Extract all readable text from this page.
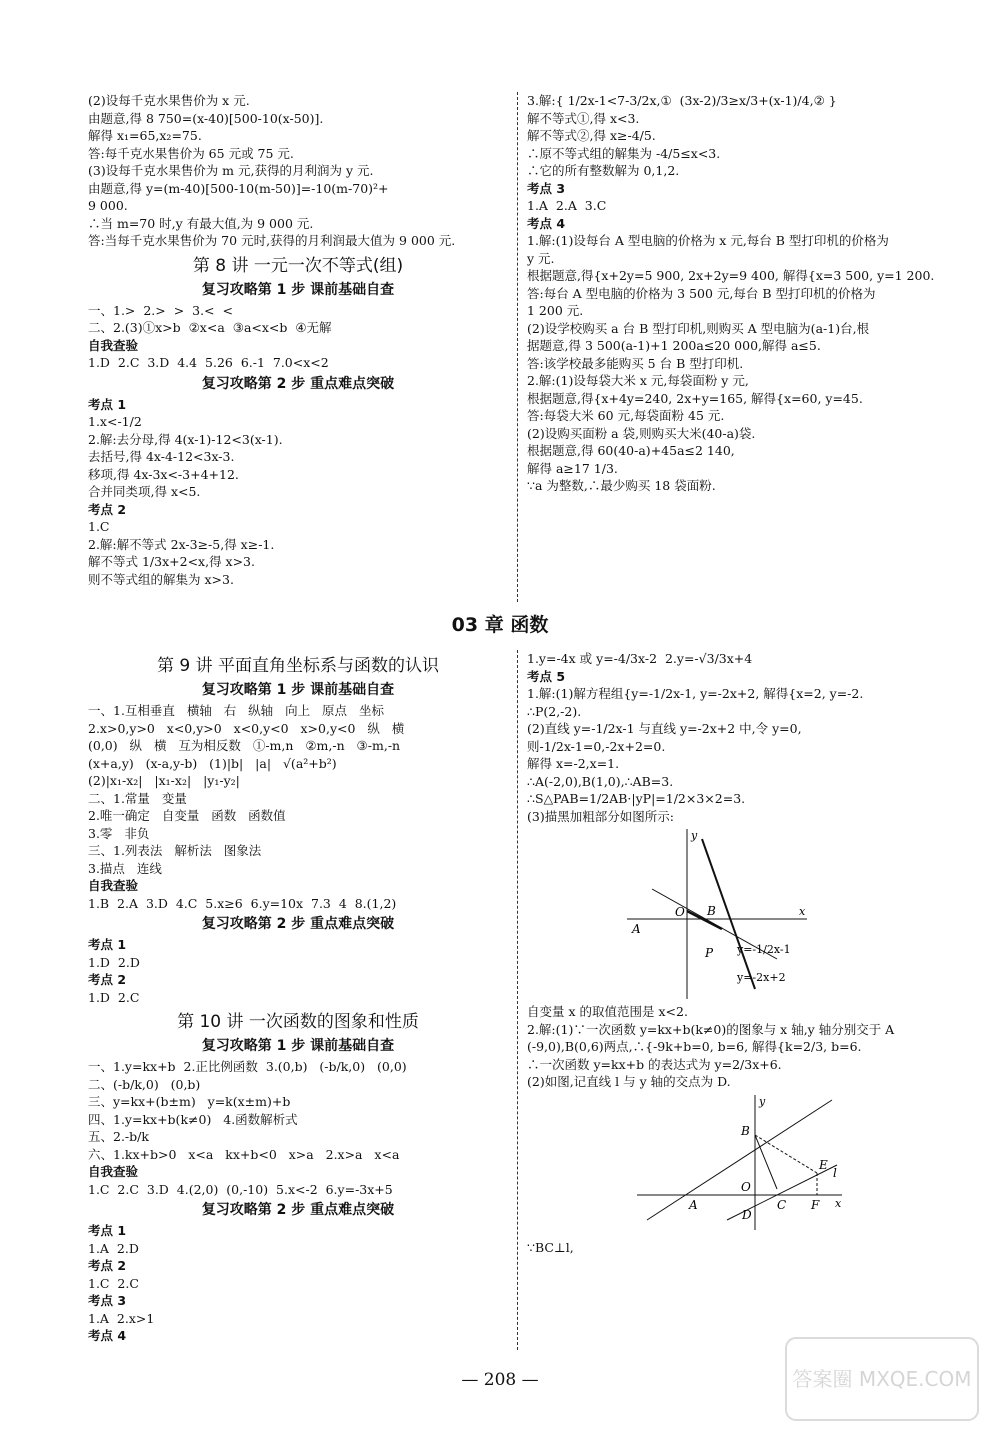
(2)设每千克水果售价为 x 元.
由题意,得 8 750=(x-40)[500-10(x-50)].
解得 x₁=65,x₂=75.
答:每千克水果售价为 65 元或 75 元.
(3)设每千克水果售价为 m 元,获得的月利润为 y 元.
由题意,得 y=(m-40)[500-10(m-50)]=-10(m-70)²+
9 000.
∴当 m=70 时,y 有最大值,为 9 000 元.
答:当每千克水果售价为 70 元时,获得的月利润最大值为 9 000 元.
第 8 讲 一元一次不等式(组)
复习攻略第 1 步 课前基础自查
一、1.>  2.>  >  3.<  <
二、2.(3)①x>b  ②x<a  ③a<x<b  ④无解
自我查验
1.D  2.C  3.D  4.4  5.26  6.-1  7.0<x<2
复习攻略第 2 步 重点难点突破
考点 1
1.x<-1/2
2.解:去分母,得 4(x-1)-12<3(x-1).
去括号,得 4x-4-12<3x-3.
移项,得 4x-3x<-3+4+12.
合并同类项,得 x<5.
考点 2
1.C
2.解:解不等式 2x-3≥-5,得 x≥-1.
解不等式 1/3x+2<x,得 x>3.
则不等式组的解集为 x>3.
3.解:{ 1/2x-1<7-3/2x,①  (3x-2)/3≥x/3+(x-1)/4,② }
解不等式①,得 x<3.
解不等式②,得 x≥-4/5.
∴原不等式组的解集为 -4/5≤x<3.
∴它的所有整数解为 0,1,2.
考点 3
1.A  2.A  3.C
考点 4
1.解:(1)设每台 A 型电脑的价格为 x 元,每台 B 型打印机的价格为
y 元.
根据题意,得{x+2y=5 900, 2x+2y=9 400, 解得{x=3 500, y=1 200.
答:每台 A 型电脑的价格为 3 500 元,每台 B 型打印机的价格为
1 200 元.
(2)设学校购买 a 台 B 型打印机,则购买 A 型电脑为(a-1)台,根
据题意,得 3 500(a-1)+1 200a≤20 000,解得 a≤5.
答:该学校最多能购买 5 台 B 型打印机.
2.解:(1)设每袋大米 x 元,每袋面粉 y 元,
根据题意,得{x+4y=240, 2x+y=165, 解得{x=60, y=45.
答:每袋大米 60 元,每袋面粉 45 元.
(2)设购买面粉 a 袋,则购买大米(40-a)袋.
根据题意,得 60(40-a)+45a≤2 140,
解得 a≥17 1/3.
∵a 为整数,∴最少购买 18 袋面粉.
03 章 函数
第 9 讲 平面直角坐标系与函数的认识
复习攻略第 1 步 课前基础自查
一、1.互相垂直   横轴   右   纵轴   向上   原点   坐标
2.x>0,y>0   x<0,y>0   x<0,y<0   x>0,y<0   纵   横
(0,0)   纵   横   互为相反数   ①-m,n   ②m,-n   ③-m,-n
(x+a,y)   (x-a,y-b)   (1)|b|   |a|   √(a²+b²)
(2)|x₁-x₂|   |x₁-x₂|   |y₁-y₂|
二、1.常量   变量
2.唯一确定   自变量   函数   函数值
3.零   非负
三、1.列表法   解析法   图象法
3.描点   连线
自我查验
1.B  2.A  3.D  4.C  5.x≥6  6.y=10x  7.3  4  8.(1,2)
复习攻略第 2 步 重点难点突破
考点 1
1.D  2.D
考点 2
1.D  2.C
第 10 讲 一次函数的图象和性质
复习攻略第 1 步 课前基础自查
一、1.y=kx+b  2.正比例函数  3.(0,b)   (-b/k,0)   (0,0)
二、(-b/k,0)   (0,b)
三、y=kx+(b±m)   y=k(x±m)+b
四、1.y=kx+b(k≠0)   4.函数解析式
五、2.-b/k
六、1.kx+b>0   x<a   kx+b<0   x>a   2.x>a   x<a
自我查验
1.C  2.C  3.D  4.(2,0)  (0,-10)  5.x<-2  6.y=-3x+5
复习攻略第 2 步 重点难点突破
考点 1
1.A  2.D
考点 2
1.C  2.C
考点 3
1.A  2.x>1
考点 4
1.y=-4x 或 y=-4/3x-2  2.y=-√3/3x+4
考点 5
1.解:(1)解方程组{y=-1/2x-1, y=-2x+2, 解得{x=2, y=-2.
∴P(2,-2).
(2)直线 y=-1/2x-1 与直线 y=-2x+2 中,令 y=0,
则-1/2x-1=0,-2x+2=0.
解得 x=-2,x=1.
∴A(-2,0),B(1,0),∴AB=3.
∴S△PAB=1/2AB·|yP|=1/2×3×2=3.
(3)描黑加粗部分如图所示:
y
x
O B
A
P y=-1/2x-1
y=-2x+2
自变量 x 的取值范围是 x<2.
2.解:(1)∵一次函数 y=kx+b(k≠0)的图象与 x 轴,y 轴分别交于 A
(-9,0),B(0,6)两点,∴{-9k+b=0, b=6, 解得{k=2/3, b=6.
∴一次函数 y=kx+b 的表达式为 y=2/3x+6.
(2)如图,记直线 l 与 y 轴的交点为 D.
y
x
B
E
l
O
A	C F
D
∵BC⊥l,
— 208 —	答案圈 MXQE.COM
